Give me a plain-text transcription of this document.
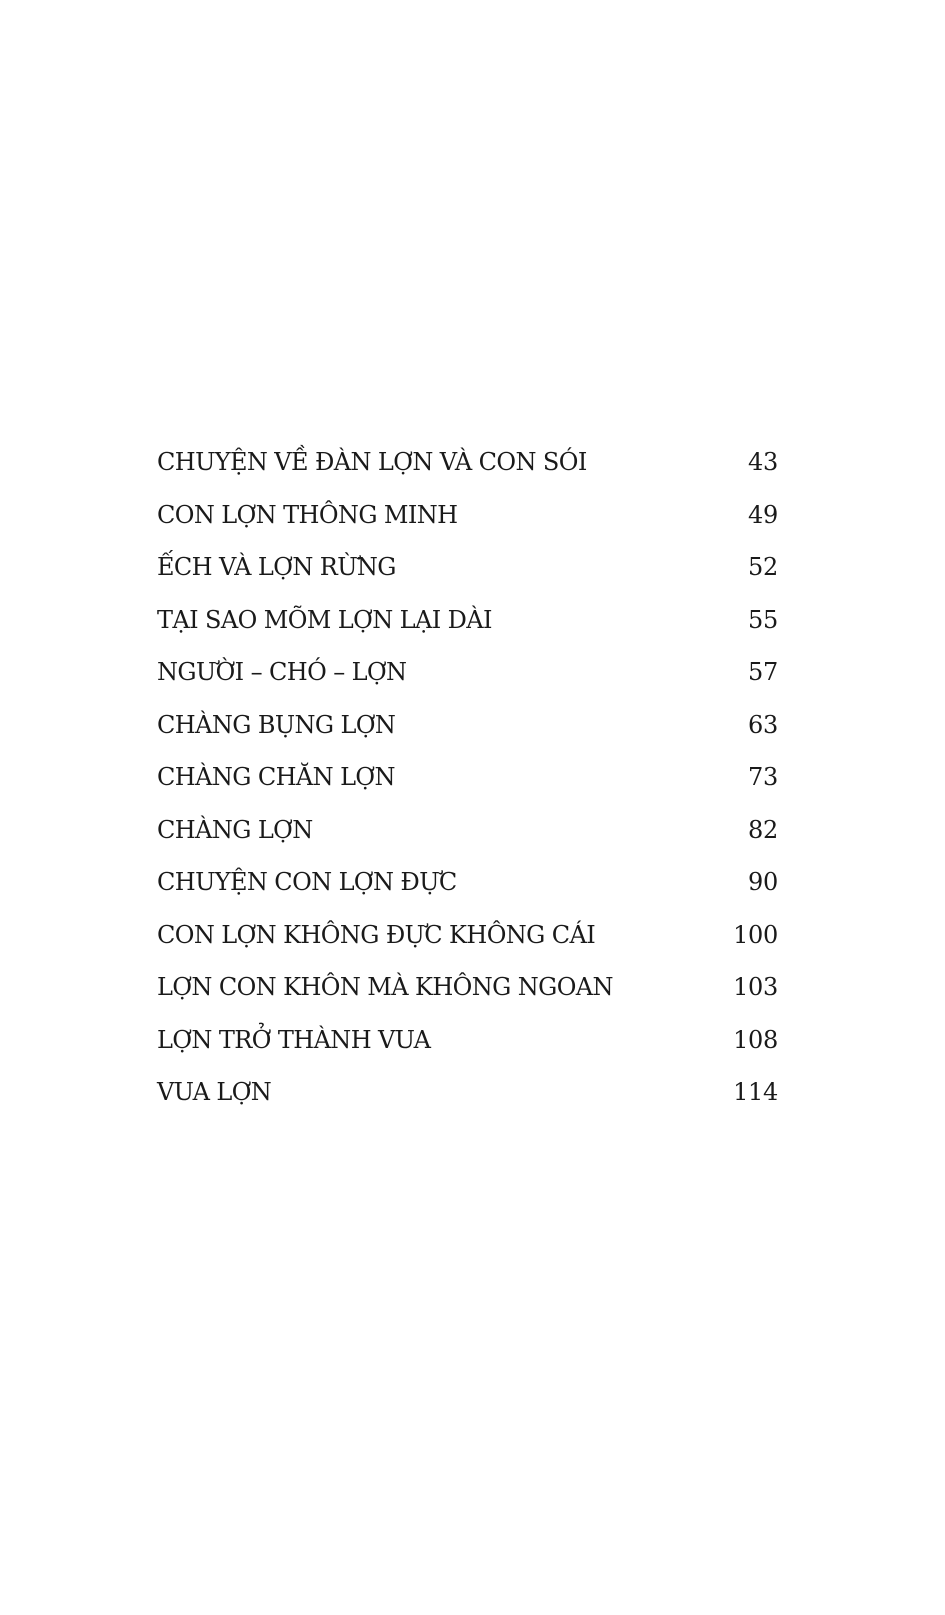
CHUYỆN VỀ ĐÀN LỢN VÀ CON SÓI	43
CON LỢN THÔNG MINH	49
ẾCH VÀ LỢN RỪNG	52
TẠI SAO MÕM LỢN LẠI DÀI	55
NGƯỜI – CHÓ – LỢN	57
CHÀNG BỤNG LỢN	63
CHÀNG CHĂN LỢN	73
CHÀNG LỢN	82
CHUYỆN CON LỢN ĐỰC	90
CON LỢN KHÔNG ĐỰC KHÔNG CÁI	100
LỢN CON KHÔN MÀ KHÔNG NGOAN	103
LỢN TRỞ THÀNH VUA	108
VUA LỢN	114
